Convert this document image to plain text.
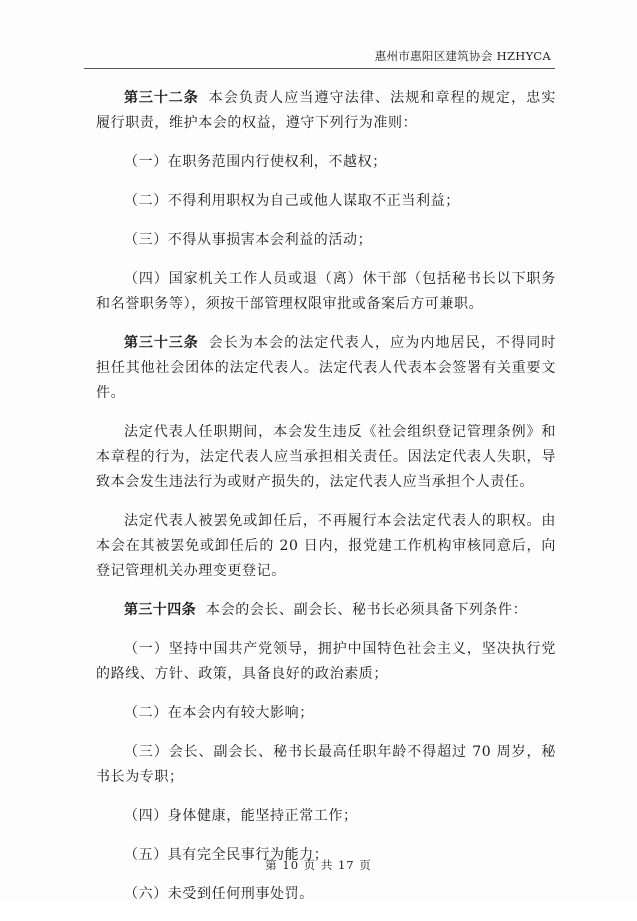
惠州市惠阳区建筑协会 HZHYCA

第三十二条 本会负责人应当遵守法律、法规和章程的规定，忠实履行职责，维护本会的权益，遵守下列行为准则：

（一）在职务范围内行使权利，不越权；

（二）不得利用职权为自己或他人谋取不正当利益；

（三）不得从事损害本会利益的活动；

（四）国家机关工作人员或退（离）休干部（包括秘书长以下职务和名誉职务等），须按干部管理权限审批或备案后方可兼职。

第三十三条 会长为本会的法定代表人，应为内地居民，不得同时担任其他社会团体的法定代表人。法定代表人代表本会签署有关重要文件。

法定代表人任职期间，本会发生违反《社会组织登记管理条例》和本章程的行为，法定代表人应当承担相关责任。因法定代表人失职，导致本会发生违法行为或财产损失的，法定代表人应当承担个人责任。

法定代表人被罢免或卸任后，不再履行本会法定代表人的职权。由本会在其被罢免或卸任后的 20 日内，报党建工作机构审核同意后，向登记管理机关办理变更登记。

第三十四条 本会的会长、副会长、秘书长必须具备下列条件：

（一）坚持中国共产党领导，拥护中国特色社会主义，坚决执行党的路线、方针、政策，具备良好的政治素质；

（二）在本会内有较大影响；

（三）会长、副会长、秘书长最高任职年龄不得超过 70 周岁，秘书长为专职；

（四）身体健康，能坚持正常工作；

（五）具有完全民事行为能力；

（六）未受到任何刑事处罚。

第 10 页 共 17 页
